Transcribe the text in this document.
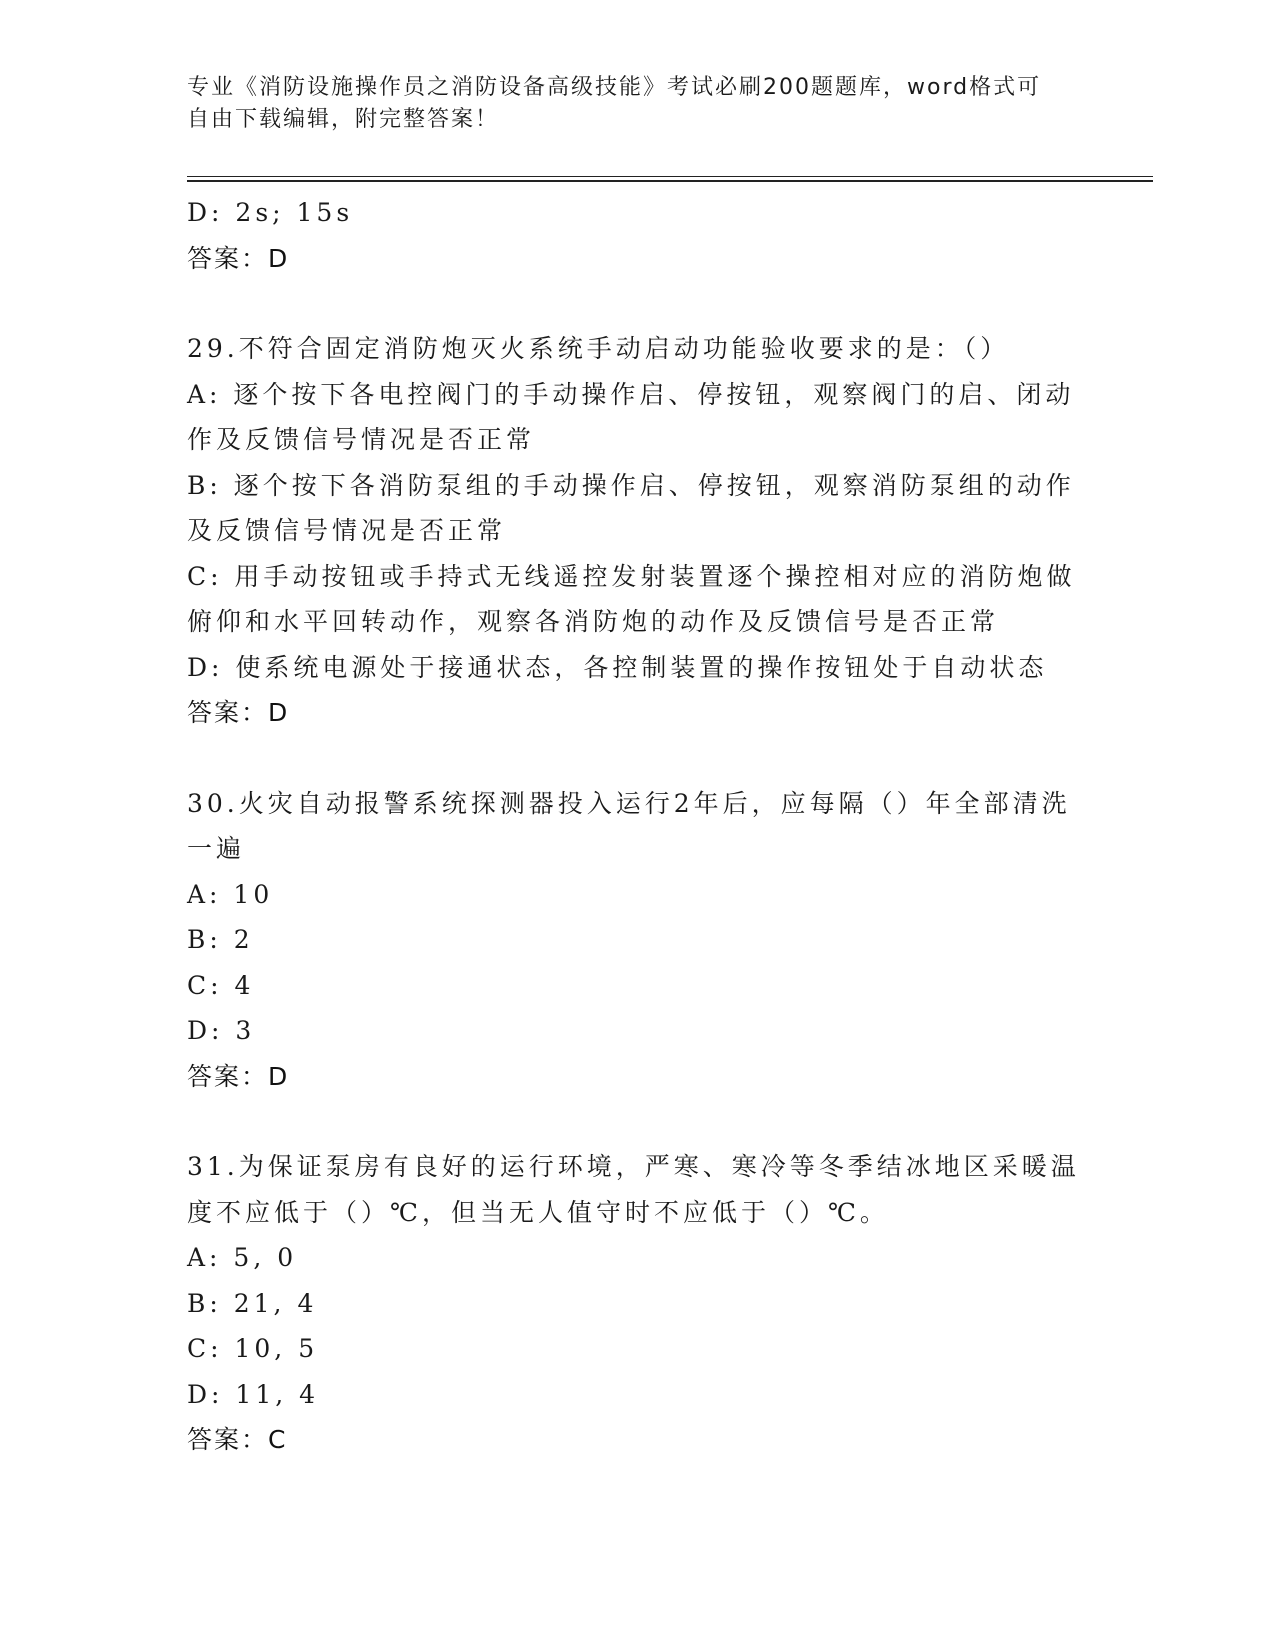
专业《消防设施操作员之消防设备高级技能》考试必刷200题题库，word格式可
自由下载编辑，附完整答案！
D: 2s; 15s
答案：D
29.不符合固定消防炮灭火系统手动启动功能验收要求的是：（）
A: 逐个按下各电控阀门的手动操作启、停按钮，观察阀门的启、闭动
作及反馈信号情况是否正常
B: 逐个按下各消防泵组的手动操作启、停按钮，观察消防泵组的动作
及反馈信号情况是否正常
C: 用手动按钮或手持式无线遥控发射装置逐个操控相对应的消防炮做
俯仰和水平回转动作，观察各消防炮的动作及反馈信号是否正常
D: 使系统电源处于接通状态，各控制装置的操作按钮处于自动状态
答案：D
30.火灾自动报警系统探测器投入运行2年后，应每隔（）年全部清洗
一遍
A: 10
B: 2
C: 4
D: 3
答案：D
31.为保证泵房有良好的运行环境，严寒、寒冷等冬季结冰地区采暖温
度不应低于（）℃，但当无人值守时不应低于（）℃。
A: 5, 0
B: 21, 4
C: 10, 5
D: 11, 4
答案：C
